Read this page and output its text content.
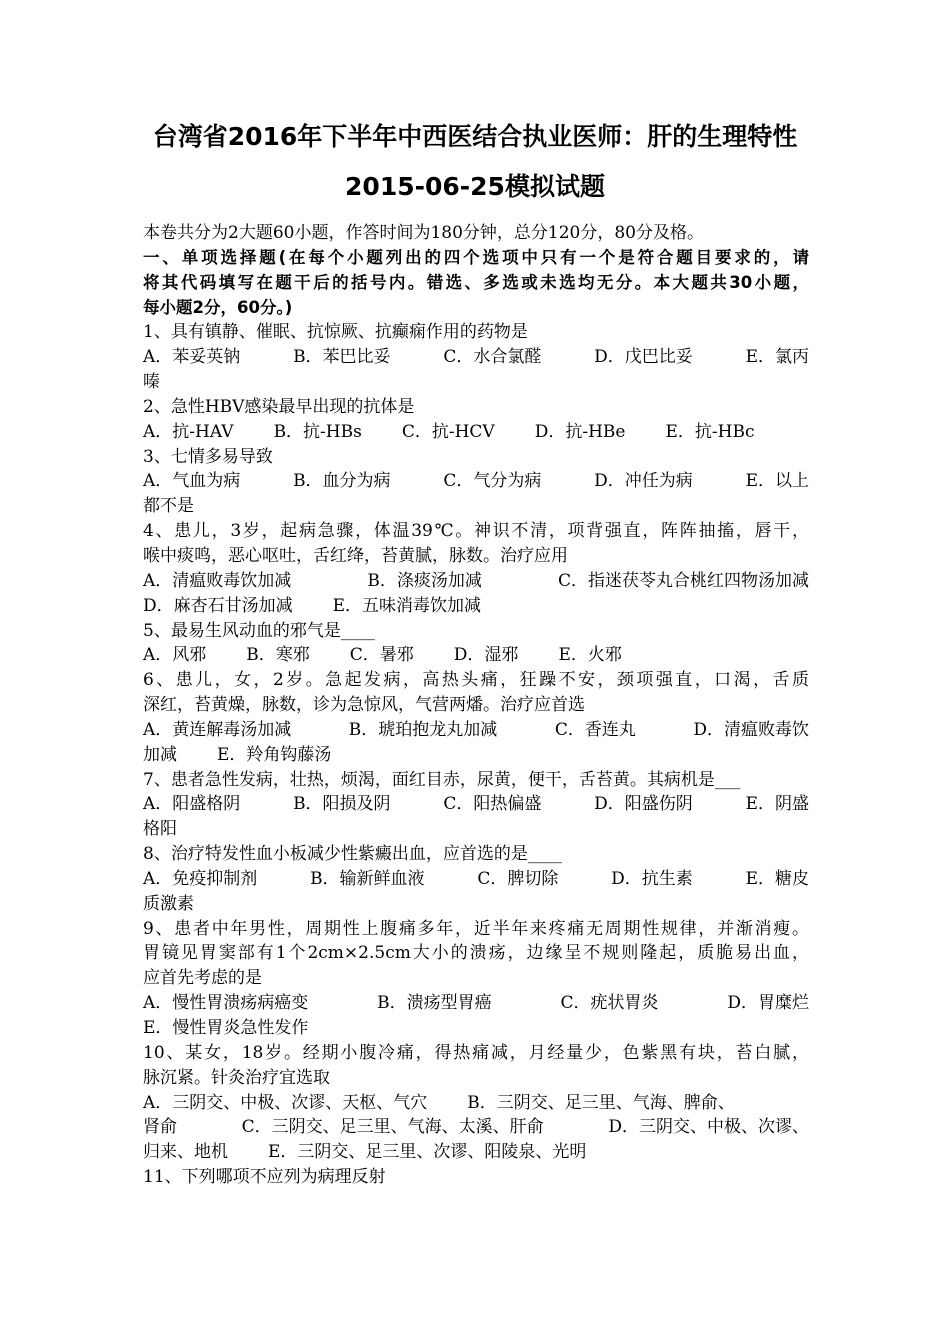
台湾省2016年下半年中西医结合执业医师：肝的生理特性
2015-06-25模拟试题
本卷共分为2大题60小题，作答时间为180分钟，总分120分，80分及格。
一、单项选择题(在每个小题列出的四个选项中只有一个是符合题目要求的，请
将其代码填写在题干后的括号内。错选、多选或未选均无分。本大题共30小题，
每小题2分，60分。)
1、具有镇静、催眠、抗惊厥、抗癫痫作用的药物是
A．苯妥英钠	B．苯巴比妥	C．水合氯醛	D．戊巴比妥	E．氯丙
嗪
2、急性HBV感染最早出现的抗体是
A．抗-HAV B．抗-HBs C．抗-HCV D．抗-HBe E．抗-HBc
3、七情多易导致
A．气血为病	B．血分为病	C．气分为病	D．冲任为病	E．以上
都不是
4、患儿，3岁，起病急骤，体温39℃。神识不清，项背强直，阵阵抽搐，唇干，
喉中痰鸣，恶心呕吐，舌红绛，苔黄腻，脉数。治疗应用
A．清瘟败毒饮加减	B．涤痰汤加减	C．指迷茯苓丸合桃红四物汤加减
D．麻杏石甘汤加减 E．五味消毒饮加减
5、最易生风动血的邪气是____
A．风邪 B．寒邪 C．暑邪 D．湿邪 E．火邪
6、患儿，女，2岁。急起发病，高热头痛，狂躁不安，颈项强直，口渴，舌质
深红，苔黄燥，脉数，诊为急惊风，气营两燔。治疗应首选
A．黄连解毒汤加减	B．琥珀抱龙丸加减	C．香连丸	D．清瘟败毒饮
加减 E．羚角钩藤汤
7、患者急性发病，壮热，烦渴，面红目赤，尿黄，便干，舌苔黄。其病机是___
A．阳盛格阴	B．阳损及阴	C．阳热偏盛	D．阳盛伤阴	E．阴盛
格阳
8、治疗特发性血小板减少性紫癜出血，应首选的是____
A．免疫抑制剂	B．输新鲜血液	C．脾切除	D．抗生素	E．糖皮
质激素
9、患者中年男性，周期性上腹痛多年，近半年来疼痛无周期性规律，并渐消瘦。
胃镜见胃窦部有1个2cm×2.5cm大小的溃疡，边缘呈不规则隆起，质脆易出血，
应首先考虑的是
A．慢性胃溃疡病癌变	B．溃疡型胃癌	C．疣状胃炎	D．胃糜烂
E．慢性胃炎急性发作
10、某女，18岁。经期小腹冷痛，得热痛减，月经量少，色紫黑有块，苔白腻，
脉沉紧。针灸治疗宜选取
A．三阴交、中极、次谬、天枢、气穴 B．三阴交、足三里、气海、脾俞、
肾俞	C．三阴交、足三里、气海、太溪、肝俞	D．三阴交、中极、次谬、
归来、地机 E．三阴交、足三里、次谬、阳陵泉、光明
11、下列哪项不应列为病理反射
